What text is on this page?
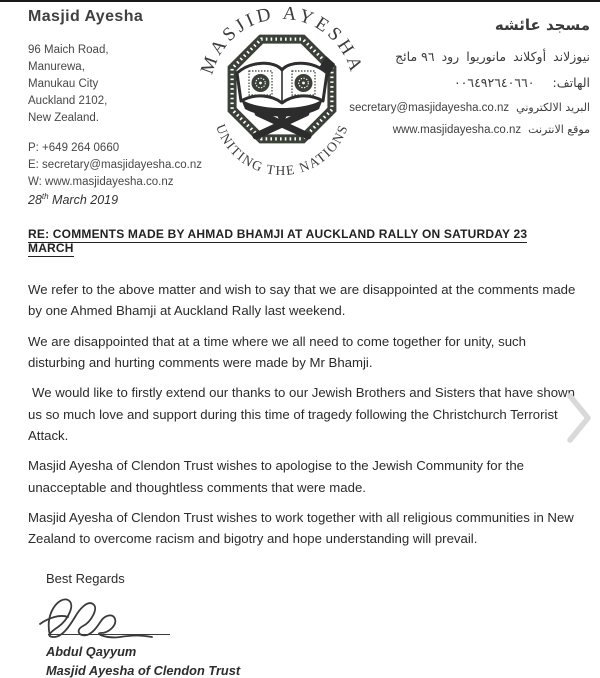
Masjid Ayesha
96 Maich Road,
Manurewa,
Manukau City
Auckland 2102,
New Zealand.
P: +649 264 0660
E: secretary@masjidayesha.co.nz
W: www.masjidayesha.co.nz
MASJID AYESHA
UNITING THE NATIONS
مسجد عائشه
٩٦ مائج رود مانوريوا أوكلاند نيوزلاند
٠٠٦٤٩٢٦٤٠٦٦٠ الهاتف:
secretary@masjidayesha.co.nz البريد الالكتروني
www.masjidayesha.co.nz موقع الانترنت
28th March 2019
RE: COMMENTS MADE BY AHMAD BHAMJI AT AUCKLAND RALLY ON SATURDAY 23 MARCH

We refer to the above matter and wish to say that we are disappointed at the comments made by one Ahmed Bhamji at Auckland Rally last weekend.

We are disappointed that at a time where we all need to come together for unity, such disturbing and hurting comments were made by Mr Bhamji.

We would like to firstly extend our thanks to our Jewish Brothers and Sisters that have shown us so much love and support during this time of tragedy following the Christchurch Terrorist Attack.

Masjid Ayesha of Clendon Trust wishes to apologise to the Jewish Community for the unacceptable and thoughtless comments that were made.

Masjid Ayesha of Clendon Trust wishes to work together with all religious communities in New Zealand to overcome racism and bigotry and hope understanding will prevail.

Best Regards
Abdul Qayyum
Masjid Ayesha of Clendon Trust
